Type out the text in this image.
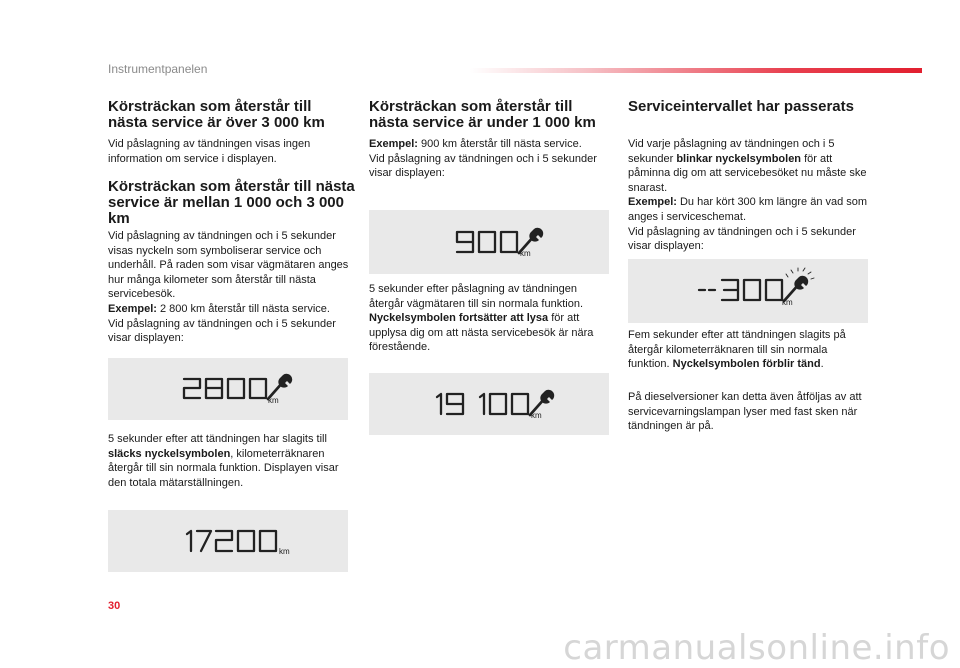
Instrumentpanelen
Körsträckan som återstår till nästa service är över 3 000 km

Vid påslagning av tändningen visas ingen information om service i displayen.

Körsträckan som återstår till nästa service är mellan 1 000 och 3 000 km

Vid påslagning av tändningen och i 5 sekunder visas nyckeln som symboliserar service och underhåll. På raden som visar vägmätaren anges hur många kilometer som återstår till nästa servicebesök.
Exempel: 2 800 km återstår till nästa service.
Vid påslagning av tändningen och i 5 sekunder visar displayen:

km

5 sekunder efter att tändningen har slagits till släcks nyckelsymbolen, kilometerräknaren återgår till sin normala funktion. Displayen visar den totala mätarställningen.

km
Körsträckan som återstår till nästa service är under 1 000 km

Exempel: 900 km återstår till nästa service.
Vid påslagning av tändningen och i 5 sekunder visar displayen:

km

5 sekunder efter påslagning av tändningen återgår vägmätaren till sin normala funktion.
Nyckelsymbolen fortsätter att lysa för att upplysa dig om att nästa servicebesök är nära förestående.

km
Serviceintervallet har passerats

Vid varje påslagning av tändningen och i 5 sekunder blinkar nyckelsymbolen för att påminna dig om att servicebesöket nu måste ske snarast.
Exempel: Du har kört 300 km längre än vad som anges i serviceschemat.
Vid påslagning av tändningen och i 5 sekunder visar displayen:

km

Fem sekunder efter att tändningen slagits på återgår kilometerräknaren till sin normala funktion. Nyckelsymbolen förblir tänd.

På dieselversioner kan detta även åtföljas av att servicevarningslampan lyser med fast sken när tändningen är på.

30
carmanualsonline.info
